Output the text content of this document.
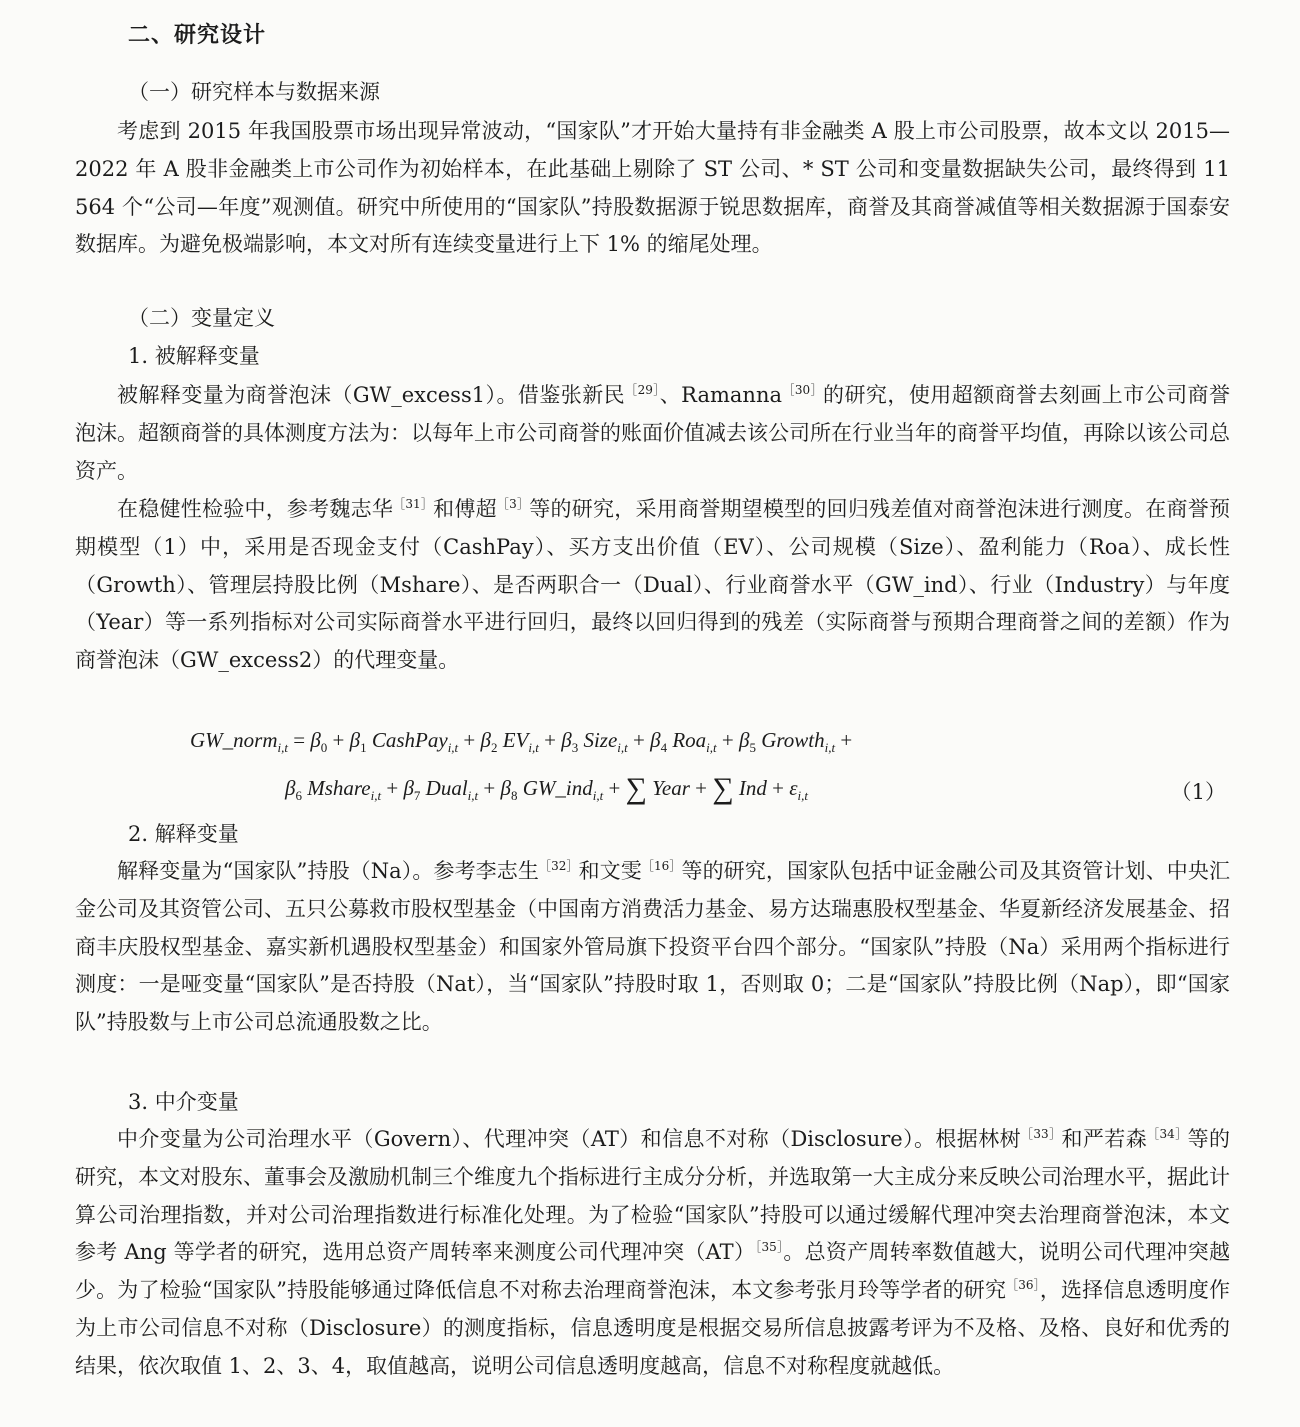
二、研究设计
（一）研究样本与数据来源

考虑到 2015 年我国股票市场出现异常波动，“国家队”才开始大量持有非金融类 A 股上市公司股票，故本文以 2015—2022 年 A 股非金融类上市公司作为初始样本，在此基础上剔除了 ST 公司、* ST 公司和变量数据缺失公司，最终得到 11 564 个“公司—年度”观测值。研究中所使用的“国家队”持股数据源于锐思数据库，商誉及其商誉减值等相关数据源于国泰安数据库。为避免极端影响，本文对所有连续变量进行上下 1% 的缩尾处理。

（二）变量定义
1. 被解释变量

被解释变量为商誉泡沫（GW_excess1）。借鉴张新民$^{[29]}$、Ramanna$^{[30]}$的研究，使用超额商誉去刻画上市公司商誉泡沫。超额商誉的具体测度方法为：以每年上市公司商誉的账面价值减去该公司所在行业当年的商誉平均值，再除以该公司总资产。

在稳健性检验中，参考魏志华$^{[31]}$和傅超$^{[3]}$等的研究，采用商誉期望模型的回归残差值对商誉泡沫进行测度。在商誉预期模型（1）中，采用是否现金支付（CashPay）、买方支出价值（EV）、公司规模（Size）、盈利能力（Roa）、成长性（Growth）、管理层持股比例（Mshare）、是否两职合一（Dual）、行业商誉水平（GW_ind）、行业（Industry）与年度（Year）等一系列指标对公司实际商誉水平进行回归，最终以回归得到的残差（实际商誉与预期合理商誉之间的差额）作为商誉泡沫（GW_excess2）的代理变量。

GW_norm$_{i,t}$ = $\beta_0 + \beta_1$ CashPay$_{i,t}$ + $\beta_2$ $EV_{i,t} + \beta_3$ Size$_{i,t}$ + $\beta_4$ $Roa_{i,t} + \beta_5$ Growth$_{i,t}$ +
$\beta_6$ Mshare$_{i,t}$ + $\beta_7$ Dual$_{i,t}$ + $\beta_8$ GW_ind$_{i,t}$ + ∑ Year + ∑ Ind + $\varepsilon_{i,t}$	（1）
2. 解释变量

解释变量为“国家队”持股（Na）。参考李志生$^{[32]}$和文雯$^{[16]}$等的研究，国家队包括中证金融公司及其资管计划、中央汇金公司及其资管公司、五只公募救市股权型基金（中国南方消费活力基金、易方达瑞惠股权型基金、华夏新经济发展基金、招商丰庆股权型基金、嘉实新机遇股权型基金）和国家外管局旗下投资平台四个部分。“国家队”持股（Na）采用两个指标进行测度：一是哑变量“国家队”是否持股（Nat），当“国家队”持股时取 1，否则取 0；二是“国家队”持股比例（Nap），即“国家队”持股数与上市公司总流通股数之比。

3. 中介变量

中介变量为公司治理水平（Govern）、代理冲突（AT）和信息不对称（Disclosure）。根据林树$^{[33]}$和严若森$^{[34]}$等的研究，本文对股东、董事会及激励机制三个维度九个指标进行主成分分析，并选取第一大主成分来反映公司治理水平，据此计算公司治理指数，并对公司治理指数进行标准化处理。为了检验“国家队”持股可以通过缓解代理冲突去治理商誉泡沫，本文参考 Ang 等学者的研究，选用总资产周转率来测度公司代理冲突（AT）$^{[35]}$。总资产周转率数值越大，说明公司代理冲突越少。为了检验“国家队”持股能够通过降低信息不对称去治理商誉泡沫，本文参考张月玲等学者的研究$^{[36]}$，选择信息透明度作为上市公司信息不对称（Disclosure）的测度指标，信息透明度是根据交易所信息披露考评为不及格、及格、良好和优秀的结果，依次取值 1、2、3、4，取值越高，说明公司信息透明度越高，信息不对称程度就越低。
